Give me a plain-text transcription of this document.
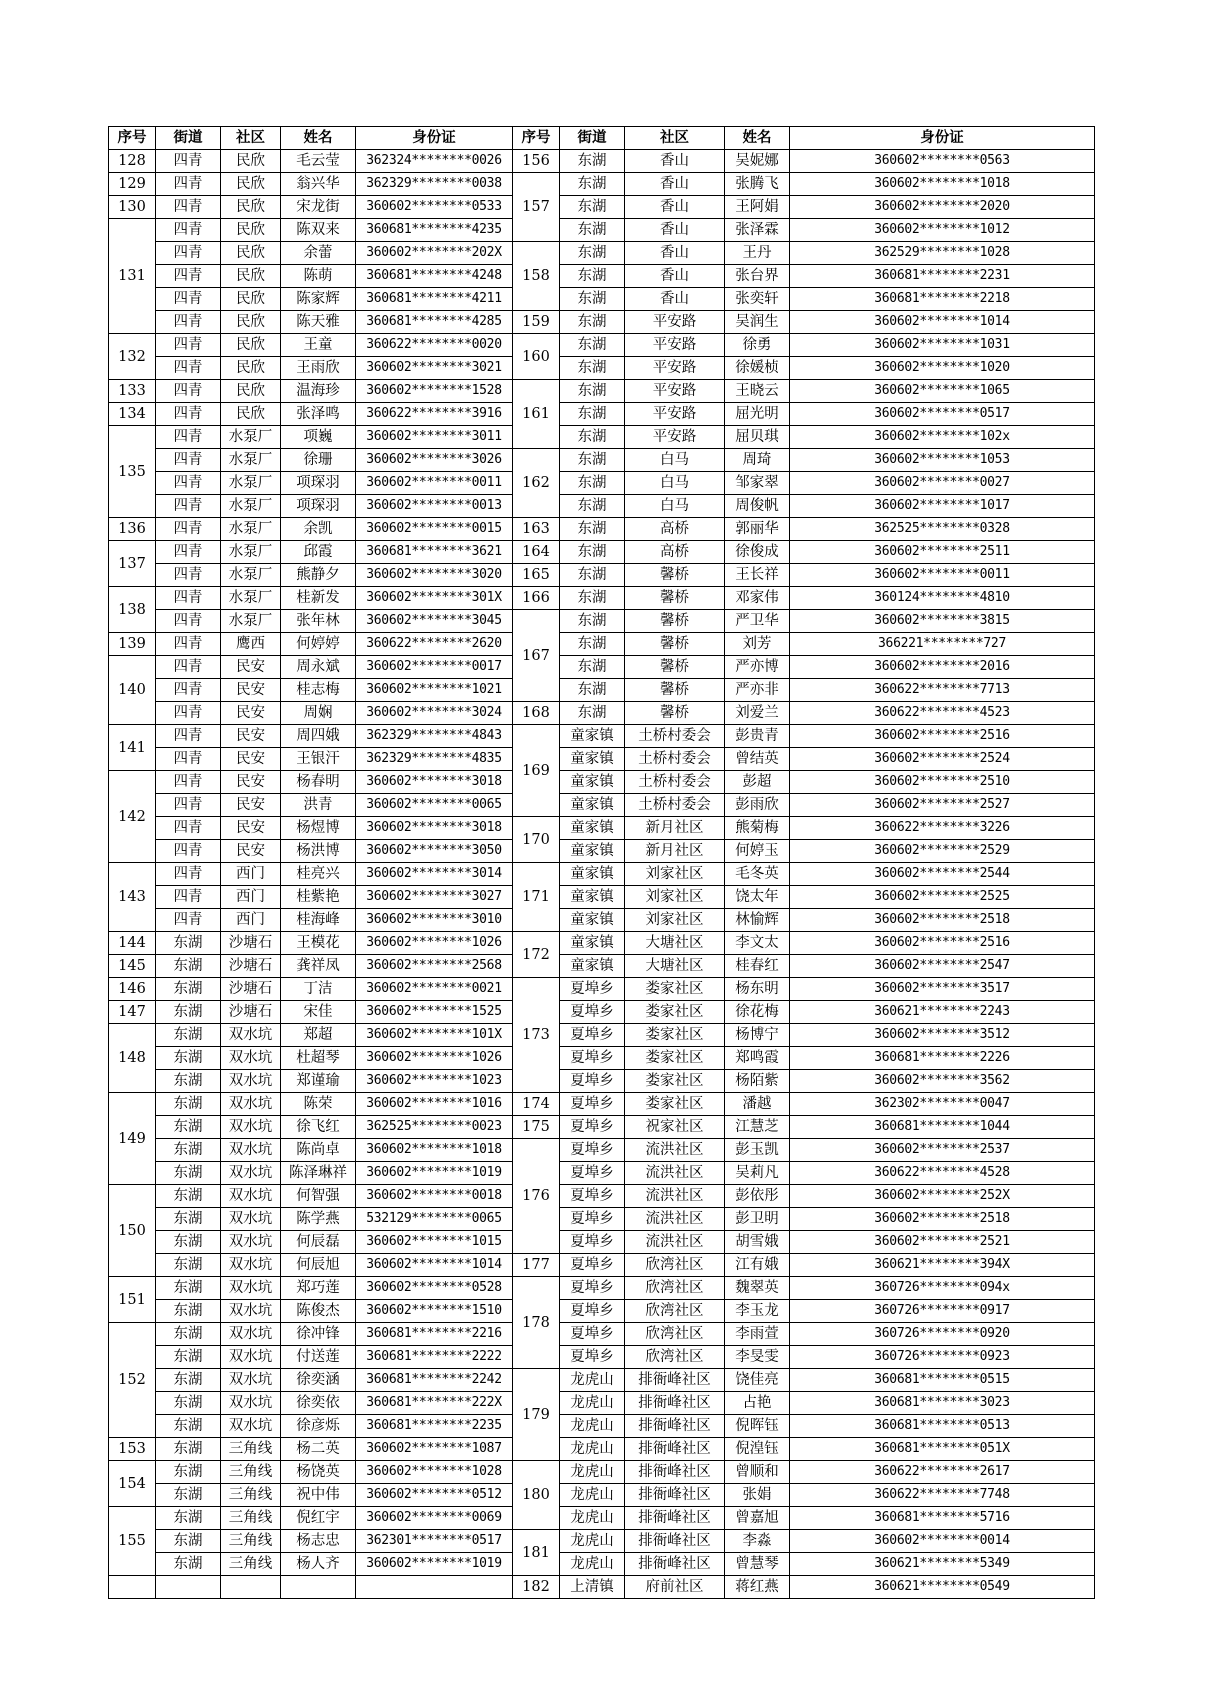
序号	街道	社区	姓名	身份证	序号	街道	社区	姓名	身份证
128	四青	民欣	毛云莹	362324********0026	156	东湖	香山	吴妮娜	360602********0563
129	四青	民欣	翁兴华	362329********0038	157	东湖	香山	张腾飞	360602********1018
130	四青	民欣	宋龙街	360602********0533		东湖	香山	王阿娟	360602********2020
131	四青	民欣	陈双来	360681********4235		东湖	香山	张泽霖	360602********1012
	四青	民欣	余蕾	360602********202X	158	东湖	香山	王丹	362529********1028
	四青	民欣	陈萌	360681********4248		东湖	香山	张台界	360681********2231
	四青	民欣	陈家辉	360681********4211		东湖	香山	张奕轩	360681********2218
	四青	民欣	陈天雅	360681********4285	159	东湖	平安路	吴润生	360602********1014
132	四青	民欣	王童	360622********0020	160	东湖	平安路	徐勇	360602********1031
	四青	民欣	王雨欣	360602********3021		东湖	平安路	徐媛桢	360602********1020
133	四青	民欣	温海珍	360602********1528	161	东湖	平安路	王晓云	360602********1065
134	四青	民欣	张泽鸣	360622********3916		东湖	平安路	屈光明	360602********0517
135	四青	水泵厂	项巍	360602********3011		东湖	平安路	屈贝琪	360602********102x
	四青	水泵厂	徐珊	360602********3026	162	东湖	白马	周琦	360602********1053
	四青	水泵厂	项琛羽	360602********0011		东湖	白马	邹家翠	360602********0027
	四青	水泵厂	项琛羽	360602********0013		东湖	白马	周俊帆	360602********1017
136	四青	水泵厂	余凯	360602********0015	163	东湖	高桥	郭丽华	362525********0328
137	四青	水泵厂	邱霞	360681********3621	164	东湖	高桥	徐俊成	360602********2511
	四青	水泵厂	熊静夕	360602********3020	165	东湖	馨桥	王长祥	360602********0011
138	四青	水泵厂	桂新发	360602********301X	166	东湖	馨桥	邓家伟	360124********4810
	四青	水泵厂	张年林	360602********3045	167	东湖	馨桥	严卫华	360602********3815
139	四青	鹰西	何婷婷	360622********2620		东湖	馨桥	刘芳	366221********727
140	四青	民安	周永斌	360602********0017		东湖	馨桥	严亦博	360602********2016
	四青	民安	桂志梅	360602********1021		东湖	馨桥	严亦非	360622********7713
	四青	民安	周娴	360602********3024	168	东湖	馨桥	刘爱兰	360622********4523
141	四青	民安	周四娥	362329********4843	169	童家镇	土桥村委会	彭贵青	360602********2516
	四青	民安	王银汗	362329********4835		童家镇	土桥村委会	曾结英	360602********2524
142	四青	民安	杨春明	360602********3018		童家镇	土桥村委会	彭超	360602********2510
	四青	民安	洪青	360602********0065		童家镇	土桥村委会	彭雨欣	360602********2527
	四青	民安	杨煜博	360602********3018	170	童家镇	新月社区	熊菊梅	360622********3226
	四青	民安	杨洪博	360602********3050		童家镇	新月社区	何婷玉	360602********2529
143	四青	西门	桂亮兴	360602********3014	171	童家镇	刘家社区	毛冬英	360602********2544
	四青	西门	桂紫艳	360602********3027		童家镇	刘家社区	饶太年	360602********2525
	四青	西门	桂海峰	360602********3010		童家镇	刘家社区	林愉辉	360602********2518
144	东湖	沙塘石	王模花	360602********1026	172	童家镇	大塘社区	李文太	360602********2516
145	东湖	沙塘石	龚祥凤	360602********2568		童家镇	大塘社区	桂春红	360602********2547
146	东湖	沙塘石	丁洁	360602********0021	173	夏埠乡	娄家社区	杨东明	360602********3517
147	东湖	沙塘石	宋佳	360602********1525		夏埠乡	娄家社区	徐花梅	360621********2243
148	东湖	双水坑	郑超	360602********101X		夏埠乡	娄家社区	杨博宁	360602********3512
	东湖	双水坑	杜超琴	360602********1026		夏埠乡	娄家社区	郑鸣霞	360681********2226
	东湖	双水坑	郑谨瑜	360602********1023		夏埠乡	娄家社区	杨陌紫	360602********3562
149	东湖	双水坑	陈荣	360602********1016	174	夏埠乡	娄家社区	潘越	362302********0047
	东湖	双水坑	徐飞红	362525********0023	175	夏埠乡	祝家社区	江慧芝	360681********1044
	东湖	双水坑	陈尚卓	360602********1018	176	夏埠乡	流洪社区	彭玉凯	360602********2537
	东湖	双水坑	陈泽琳祥	360602********1019		夏埠乡	流洪社区	吴莉凡	360622********4528
150	东湖	双水坑	何智强	360602********0018		夏埠乡	流洪社区	彭依彤	360602********252X
	东湖	双水坑	陈学燕	532129********0065		夏埠乡	流洪社区	彭卫明	360602********2518
	东湖	双水坑	何辰磊	360602********1015		夏埠乡	流洪社区	胡雪娥	360602********2521
	东湖	双水坑	何辰旭	360602********1014	177	夏埠乡	欣湾社区	江有娥	360621********394X
151	东湖	双水坑	郑巧莲	360602********0528	178	夏埠乡	欣湾社区	魏翠英	360726********094x
	东湖	双水坑	陈俊杰	360602********1510		夏埠乡	欣湾社区	李玉龙	360726********0917
152	东湖	双水坑	徐冲锋	360681********2216		夏埠乡	欣湾社区	李雨萱	360726********0920
	东湖	双水坑	付送莲	360681********2222		夏埠乡	欣湾社区	李旻雯	360726********0923
	东湖	双水坑	徐奕涵	360681********2242	179	龙虎山	排衙峰社区	饶佳亮	360681********0515
	东湖	双水坑	徐奕依	360681********222X		龙虎山	排衙峰社区	占艳	360681********3023
	东湖	双水坑	徐彦烁	360681********2235		龙虎山	排衙峰社区	倪晖钰	360681********0513
153	东湖	三角线	杨二英	360602********1087		龙虎山	排衙峰社区	倪湟钰	360681********051X
154	东湖	三角线	杨饶英	360602********1028	180	龙虎山	排衙峰社区	曾顺和	360622********2617
	东湖	三角线	祝中伟	360602********0512		龙虎山	排衙峰社区	张娟	360622********7748
155	东湖	三角线	倪红宇	360602********0069		龙虎山	排衙峰社区	曾嘉旭	360681********5716
	东湖	三角线	杨志忠	362301********0517	181	龙虎山	排衙峰社区	李淼	360602********0014
	东湖	三角线	杨人齐	360602********1019		龙虎山	排衙峰社区	曾慧琴	360621********5349
					182	上清镇	府前社区	蒋红燕	360621********0549
